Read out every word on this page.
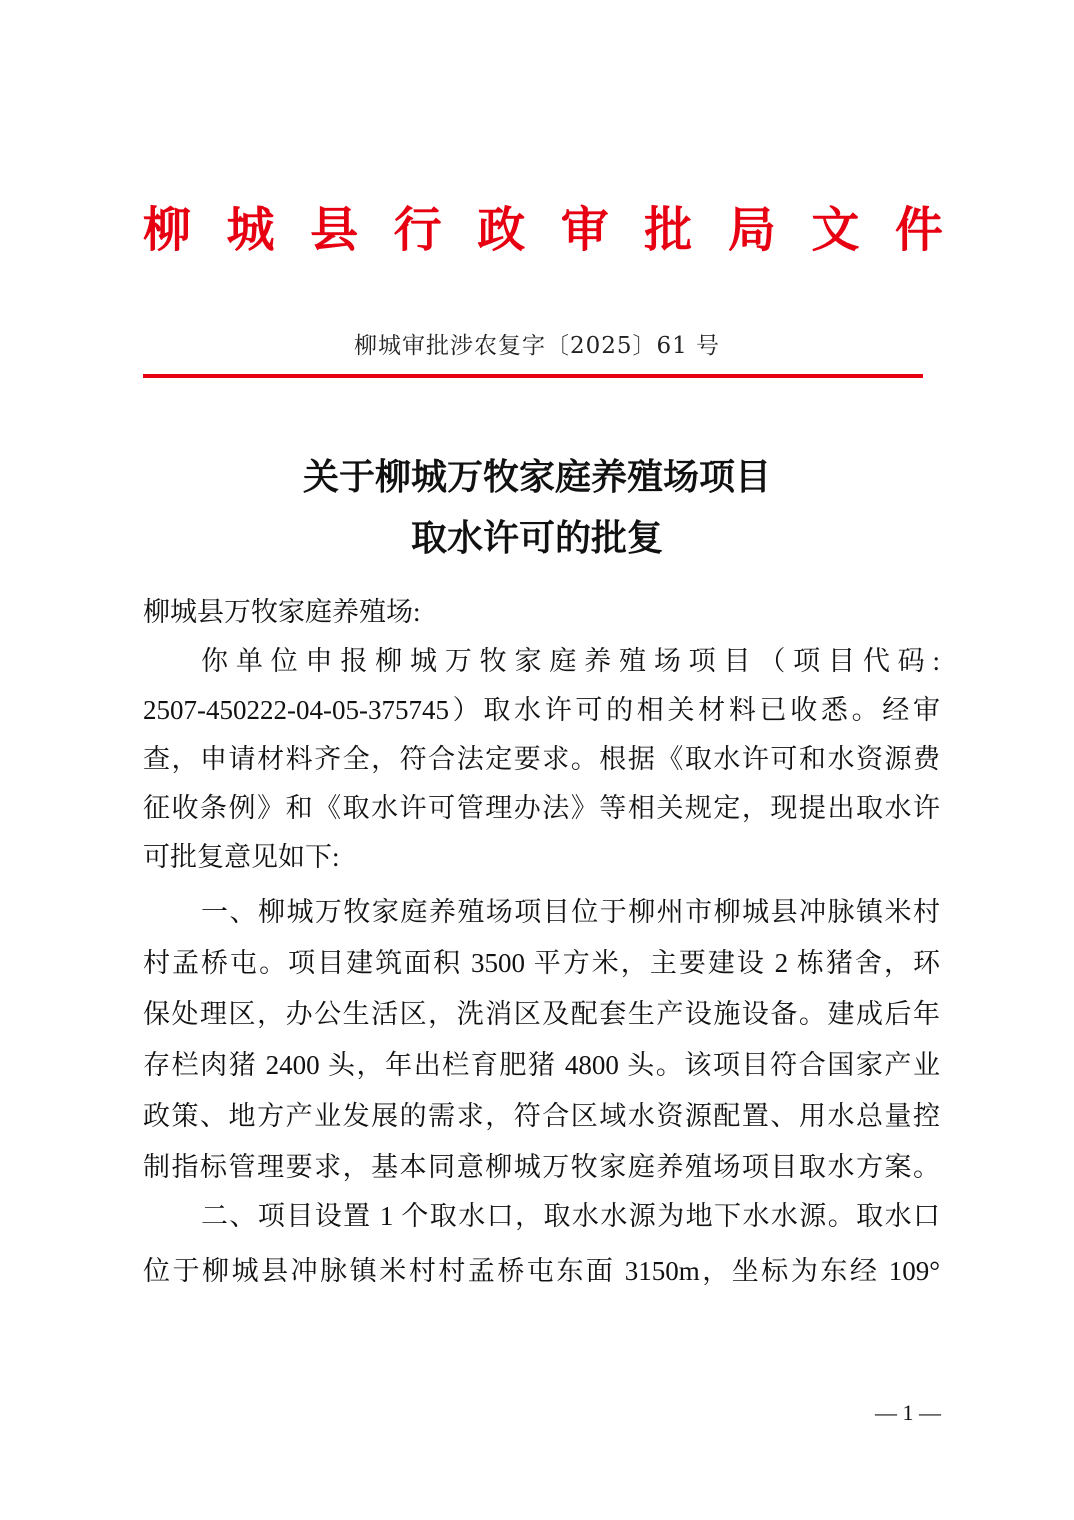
柳 城 县 行 政 审 批 局 文 件
柳城审批涉农复字〔2025〕61 号
关于柳城万牧家庭养殖场项目
取水许可的批复
柳城县万牧家庭养殖场:
你单位申报柳城万牧家庭养殖场项目（项目代码:
2507-450222-04-05-375745）取水许可的相关材料已收悉。经审
查，申请材料齐全，符合法定要求。根据《取水许可和水资源费
征收条例》和《取水许可管理办法》等相关规定，现提出取水许
可批复意见如下:
一、柳城万牧家庭养殖场项目位于柳州市柳城县冲脉镇米村
村孟桥屯。项目建筑面积 3500 平方米，主要建设 2 栋猪舍，环
保处理区，办公生活区，洗消区及配套生产设施设备。建成后年
存栏肉猪 2400 头，年出栏育肥猪 4800 头。该项目符合国家产业
政策、地方产业发展的需求，符合区域水资源配置、用水总量控
制指标管理要求，基本同意柳城万牧家庭养殖场项目取水方案。
二、项目设置 1 个取水口，取水水源为地下水水源。取水口
位于柳城县冲脉镇米村村孟桥屯东面 3150m，坐标为东经 109°
— 1 —
